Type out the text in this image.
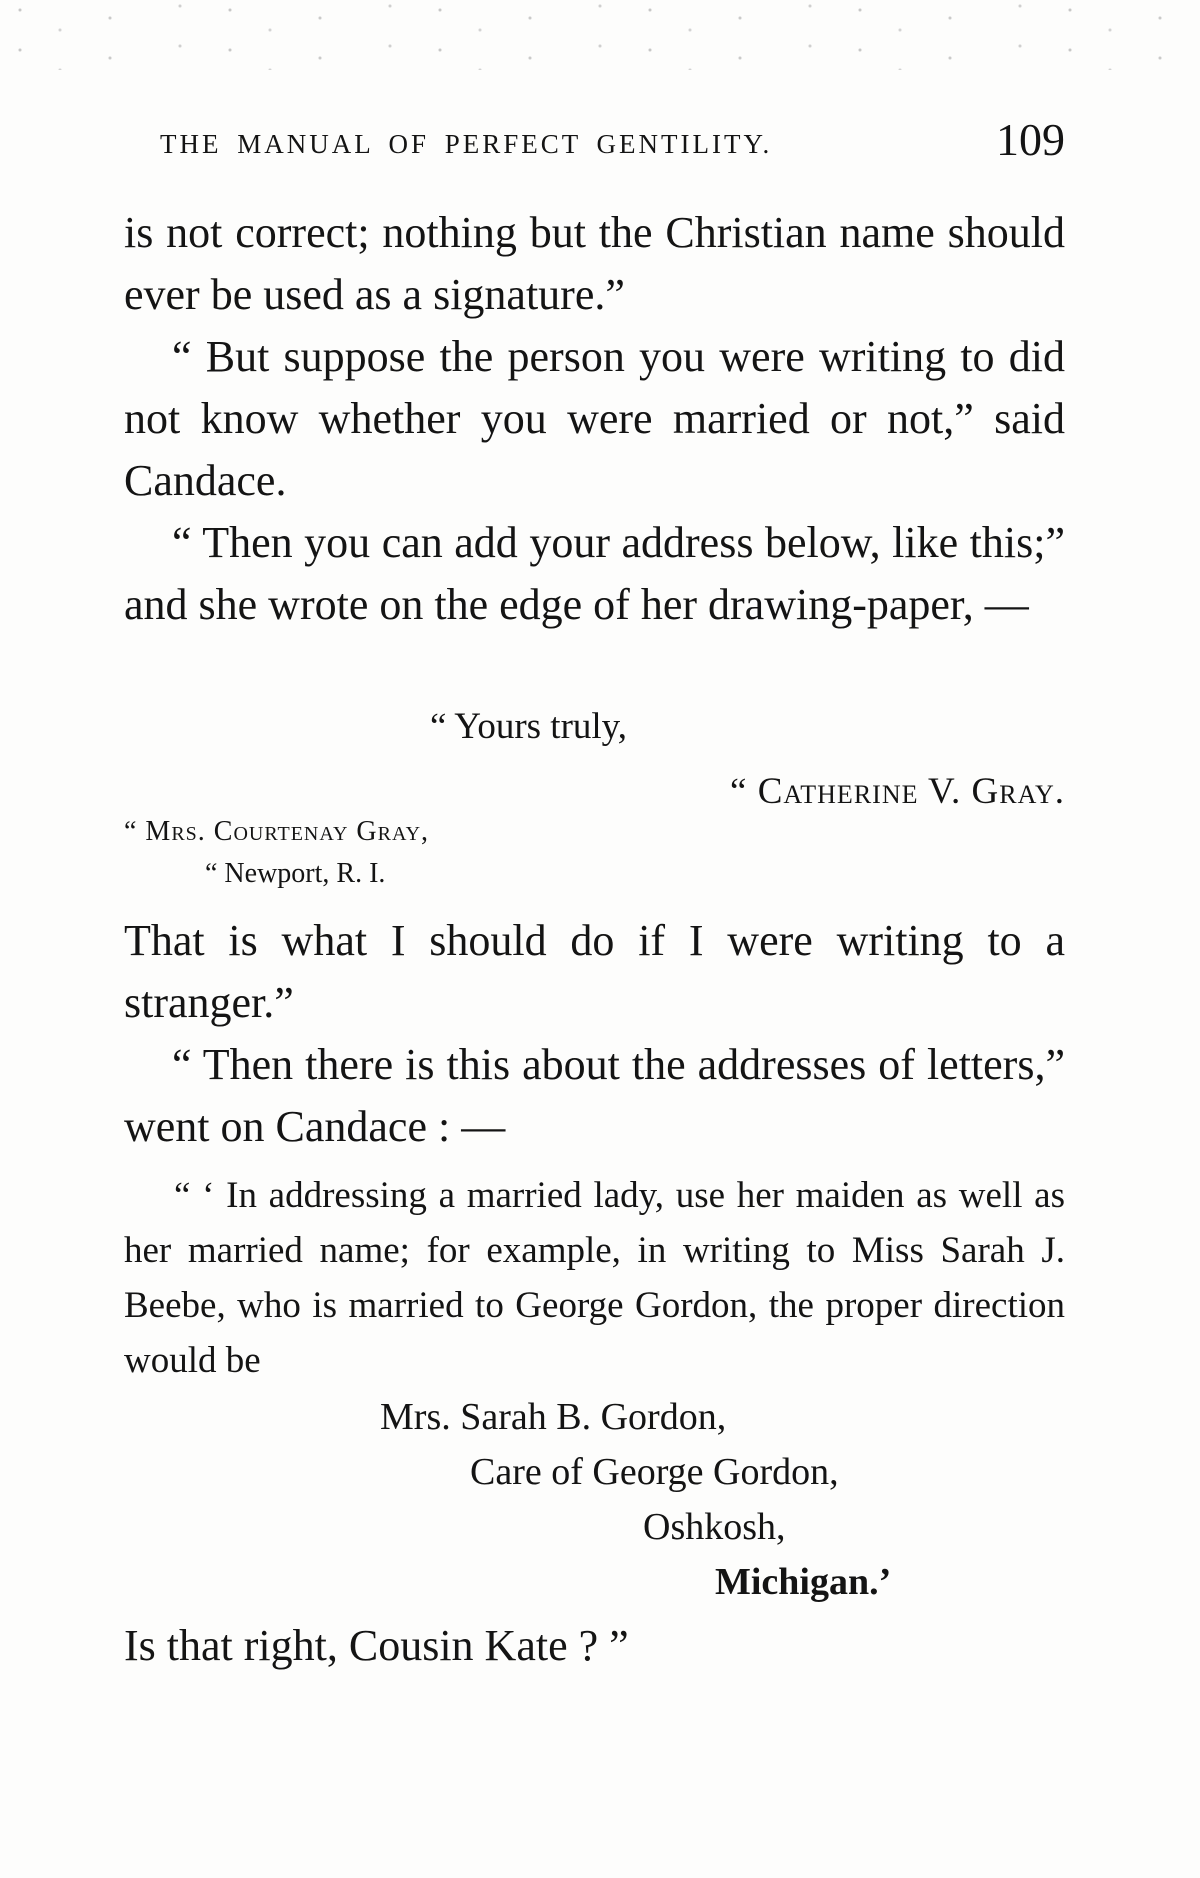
THE MANUAL OF PERFECT GENTILITY.	109

is not correct; nothing but the Christian name should ever be used as a signature.”

“ But suppose the person you were writing to did not know whether you were married or not,” said Candace.

“ Then you can add your address below, like this;” and she wrote on the edge of her drawing-paper, —

“ Yours truly,

“ Catherine V. Gray.

“ Mrs. Courtenay Gray,

“ Newport, R. I.

That is what I should do if I were writing to a stranger.”

“ Then there is this about the addresses of letters,” went on Candace : —

“ ‘ In addressing a married lady, use her maiden as well as her married name; for example, in writing to Miss Sarah J. Beebe, who is married to George Gordon, the proper direction would be

Mrs. Sarah B. Gordon,

Care of George Gordon,

Oshkosh,

Michigan.’

Is that right, Cousin Kate ? ”
